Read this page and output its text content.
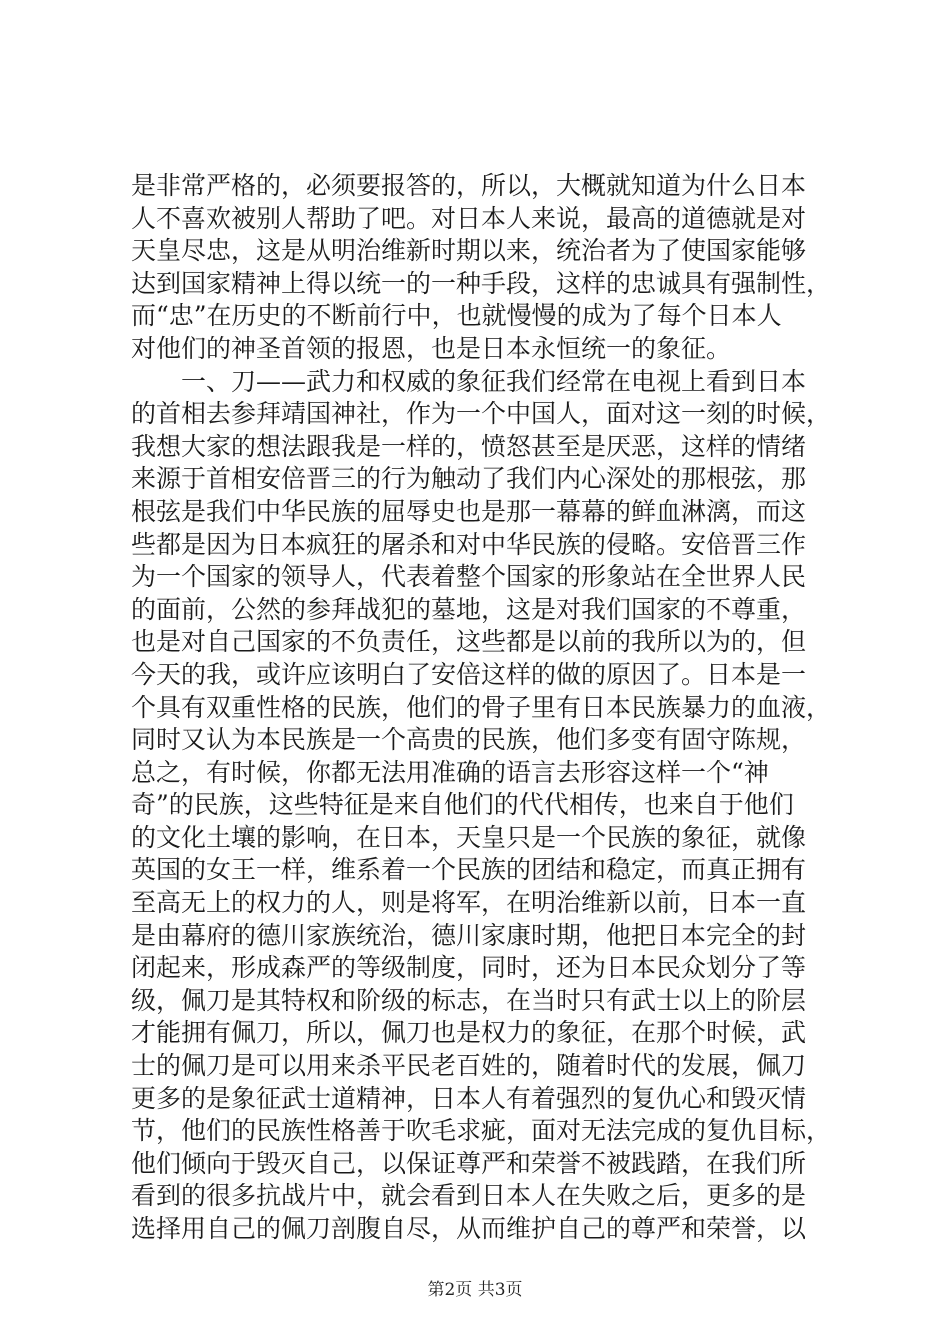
是非常严格的，必须要报答的，所以，大概就知道为什么日本
人不喜欢被别人帮助了吧。对日本人来说，最高的道德就是对
天皇尽忠，这是从明治维新时期以来，统治者为了使国家能够
达到国家精神上得以统一的一种手段，这样的忠诚具有强制性，
而“忠”在历史的不断前行中，也就慢慢的成为了每个日本人
对他们的神圣首领的报恩，也是日本永恒统一的象征。
　　一、刀——武力和权威的象征我们经常在电视上看到日本
的首相去参拜靖国神社，作为一个中国人，面对这一刻的时候，
我想大家的想法跟我是一样的，愤怒甚至是厌恶，这样的情绪
来源于首相安倍晋三的行为触动了我们内心深处的那根弦，那
根弦是我们中华民族的屈辱史也是那一幕幕的鲜血淋漓，而这
些都是因为日本疯狂的屠杀和对中华民族的侵略。安倍晋三作
为一个国家的领导人，代表着整个国家的形象站在全世界人民
的面前，公然的参拜战犯的墓地，这是对我们国家的不尊重，
也是对自己国家的不负责任，这些都是以前的我所以为的，但
今天的我，或许应该明白了安倍这样的做的原因了。日本是一
个具有双重性格的民族，他们的骨子里有日本民族暴力的血液，
同时又认为本民族是一个高贵的民族，他们多变有固守陈规，
总之，有时候，你都无法用准确的语言去形容这样一个“神
奇”的民族，这些特征是来自他们的代代相传，也来自于他们
的文化土壤的影响，在日本，天皇只是一个民族的象征，就像
英国的女王一样，维系着一个民族的团结和稳定，而真正拥有
至高无上的权力的人，则是将军，在明治维新以前，日本一直
是由幕府的德川家族统治，德川家康时期，他把日本完全的封
闭起来，形成森严的等级制度，同时，还为日本民众划分了等
级，佩刀是其特权和阶级的标志，在当时只有武士以上的阶层
才能拥有佩刀，所以，佩刀也是权力的象征，在那个时候，武
士的佩刀是可以用来杀平民老百姓的，随着时代的发展，佩刀
更多的是象征武士道精神，日本人有着强烈的复仇心和毁灭情
节，他们的民族性格善于吹毛求疵，面对无法完成的复仇目标，
他们倾向于毁灭自己，以保证尊严和荣誉不被践踏，在我们所
看到的很多抗战片中，就会看到日本人在失败之后，更多的是
选择用自己的佩刀剖腹自尽，从而维护自己的尊严和荣誉，以
第2页 共3页
